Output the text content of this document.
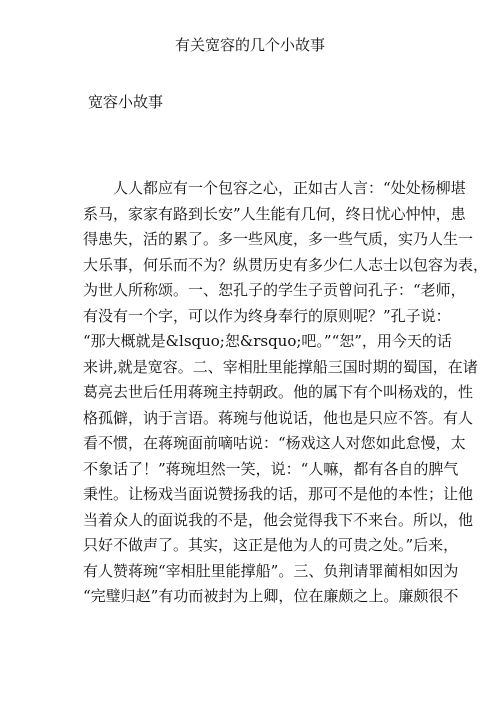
有关宽容的几个小故事
宽容小故事
人人都应有一个包容之心，正如古人言：“处处杨柳堪
系马，家家有路到长安”人生能有几何，终日忧心忡忡，患
得患失，活的累了。多一些风度，多一些气质，实乃人生一
大乐事，何乐而不为？纵贯历史有多少仁人志士以包容为表，
为世人所称颂。一、恕孔子的学生子贡曾问孔子：“老师，
有没有一个字，可以作为终身奉行的原则呢？”孔子说：
“那大概就是&lsquo;恕&rsquo;吧。”“恕”，用今天的话
来讲,就是宽容。二、宰相肚里能撑船三国时期的蜀国，在诸
葛亮去世后任用蒋琬主持朝政。他的属下有个叫杨戏的，性
格孤僻，讷于言语。蒋琬与他说话，他也是只应不答。有人
看不惯，在蒋琬面前嘀咕说：“杨戏这人对您如此怠慢，太
不象话了！”蒋琬坦然一笑，说：“人嘛，都有各自的脾气
秉性。让杨戏当面说赞扬我的话，那可不是他的本性；让他
当着众人的面说我的不是，他会觉得我下不来台。所以，他
只好不做声了。其实，这正是他为人的可贵之处。”后来，
有人赞蒋琬“宰相肚里能撑船”。三、负荆请罪蔺相如因为
“完璧归赵”有功而被封为上卿，位在廉颇之上。廉颇很不
